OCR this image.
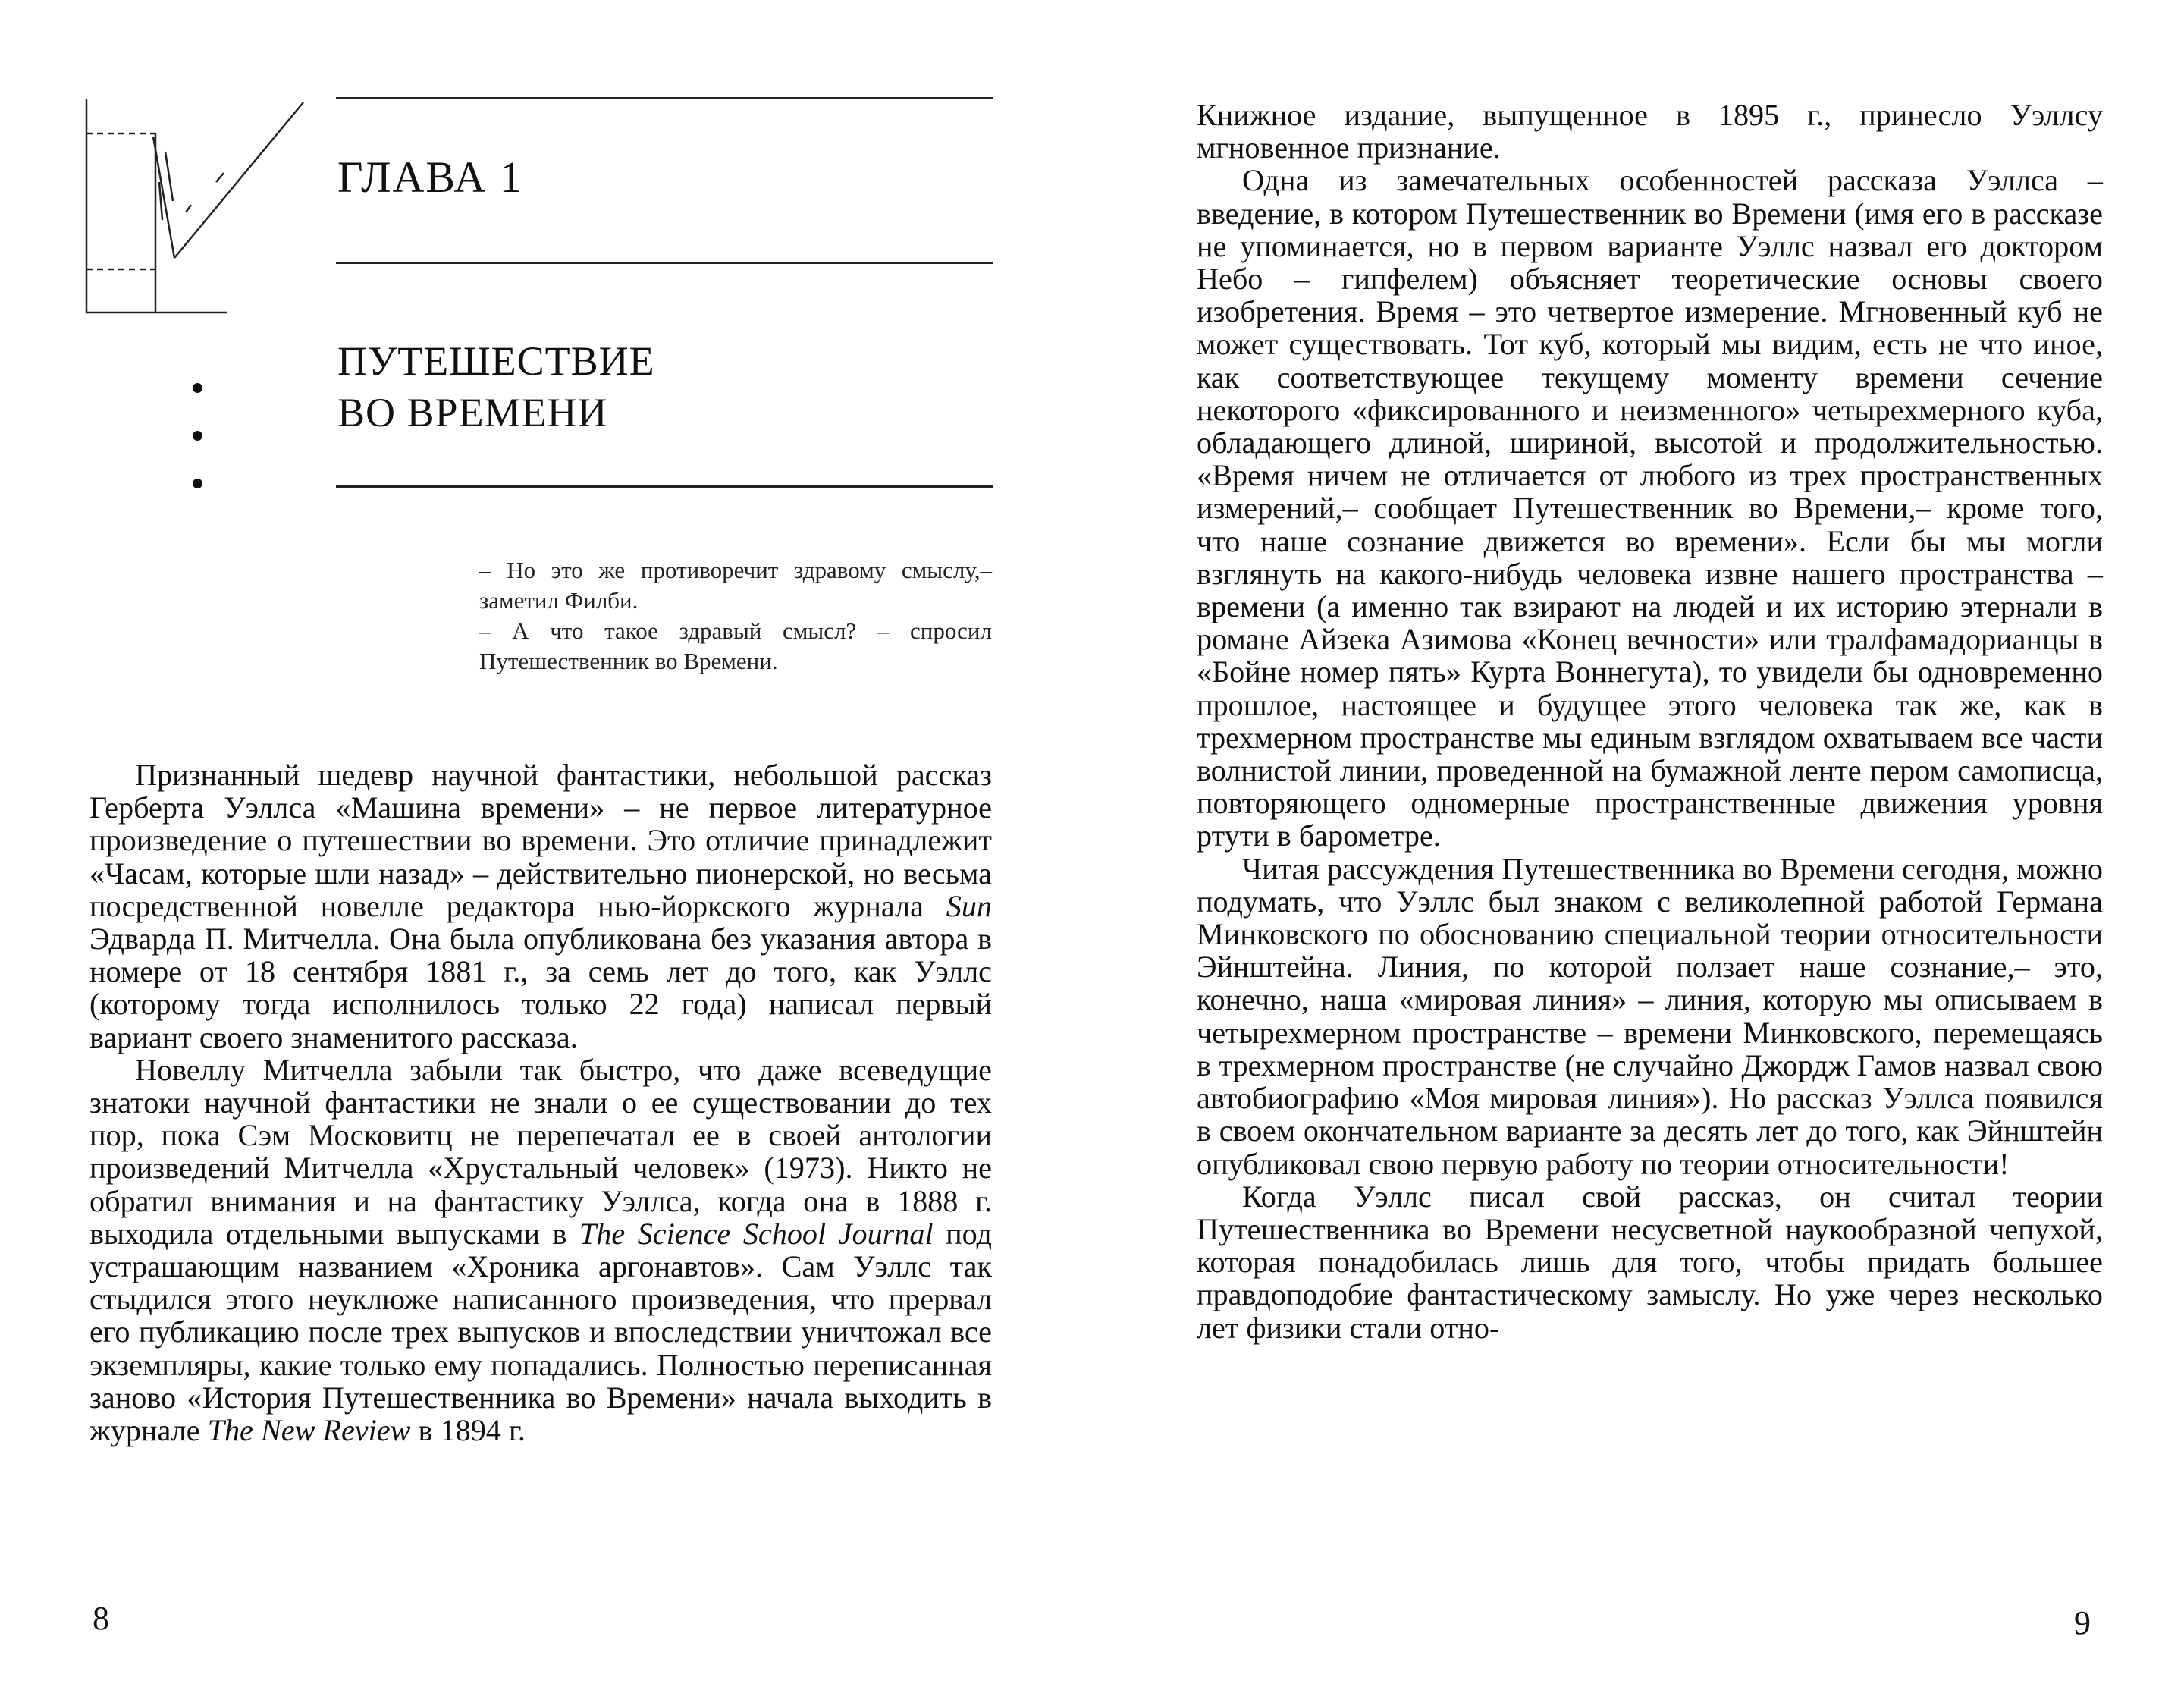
ГЛАВА 1
ПУТЕШЕСТВИЕ
ВО ВРЕМЕНИ

– Но это же противоречит здравому смыслу,– заметил Филби.

– А что такое здравый смысл? – спросил Путешественник во Времени.

Признанный шедевр научной фантастики, небольшой рассказ Герберта Уэллса «Машина времени» – не первое литературное произведение о путешествии во времени. Это отличие принадлежит «Часам, которые шли назад» – действительно пионерской, но весьма посредственной новелле редактора нью-йоркского журнала Sun Эдварда П. Митчелла. Она была опубликована без указания автора в номере от 18 сентября 1881 г., за семь лет до того, как Уэллс (которому тогда исполнилось только 22 года) написал первый вариант своего знаменитого рассказа.

Новеллу Митчелла забыли так быстро, что даже всеведущие знатоки научной фантастики не знали о ее существовании до тех пор, пока Сэм Московитц не перепечатал ее в своей антологии произведений Митчелла «Хрустальный человек» (1973). Никто не обратил внимания и на фантастику Уэллса, когда она в 1888 г. выходила отдельными выпусками в The Science School Journal под устрашающим названием «Хроника аргонавтов». Сам Уэллс так стыдился этого неуклюже написанного произведения, что прервал его публикацию после трех выпусков и впоследствии уничтожал все экземпляры, какие только ему попадались. Полностью переписанная заново «История Путешественника во Времени» начала выходить в журнале The New Review в 1894 г.

8

Книжное издание, выпущенное в 1895 г., принесло Уэллсу мгновенное признание.

Одна из замечательных особенностей рассказа Уэллса – введение, в котором Путешественник во Времени (имя его в рассказе не упоминается, но в первом варианте Уэллс назвал его доктором Небо – гипфелем) объясняет теоретические основы своего изобретения. Время – это четвертое измерение. Мгновенный куб не может существовать. Тот куб, который мы видим, есть не что иное, как соответствующее текущему моменту времени сечение некоторого «фиксированного и неизменного» четырехмерного куба, обладающего длиной, шириной, высотой и продолжительностью. «Время ничем не отличается от любого из трех пространственных измерений,– сообщает Путешественник во Времени,– кроме того, что наше сознание движется во времени». Если бы мы могли взглянуть на какого-нибудь человека извне нашего пространства – времени (а именно так взирают на людей и их историю этернали в романе Айзека Азимова «Конец вечности» или тралфамадорианцы в «Бойне номер пять» Курта Воннегута), то увидели бы одновременно прошлое, настоящее и будущее этого человека так же, как в трехмерном пространстве мы единым взглядом охватываем все части волнистой линии, проведенной на бумажной ленте пером самописца, повторяющего одномерные пространственные движения уровня ртути в барометре.

Читая рассуждения Путешественника во Времени сегодня, можно подумать, что Уэллс был знаком с великолепной работой Германа Минковского по обоснованию специальной теории относительности Эйнштейна. Линия, по которой ползает наше сознание,– это, конечно, наша «мировая линия» – линия, которую мы описываем в четырехмерном пространстве – времени Минковского, перемещаясь в трехмерном пространстве (не случайно Джордж Гамов назвал свою автобиографию «Моя мировая линия»). Но рассказ Уэллса появился в своем окончательном варианте за десять лет до того, как Эйнштейн опубликовал свою первую работу по теории относительности!

Когда Уэллс писал свой рассказ, он считал теории Путешественника во Времени несусветной наукообразной чепухой, которая понадобилась лишь для того, чтобы придать большее правдоподобие фантастическому замыслу. Но уже через несколько лет физики стали отно-

9
